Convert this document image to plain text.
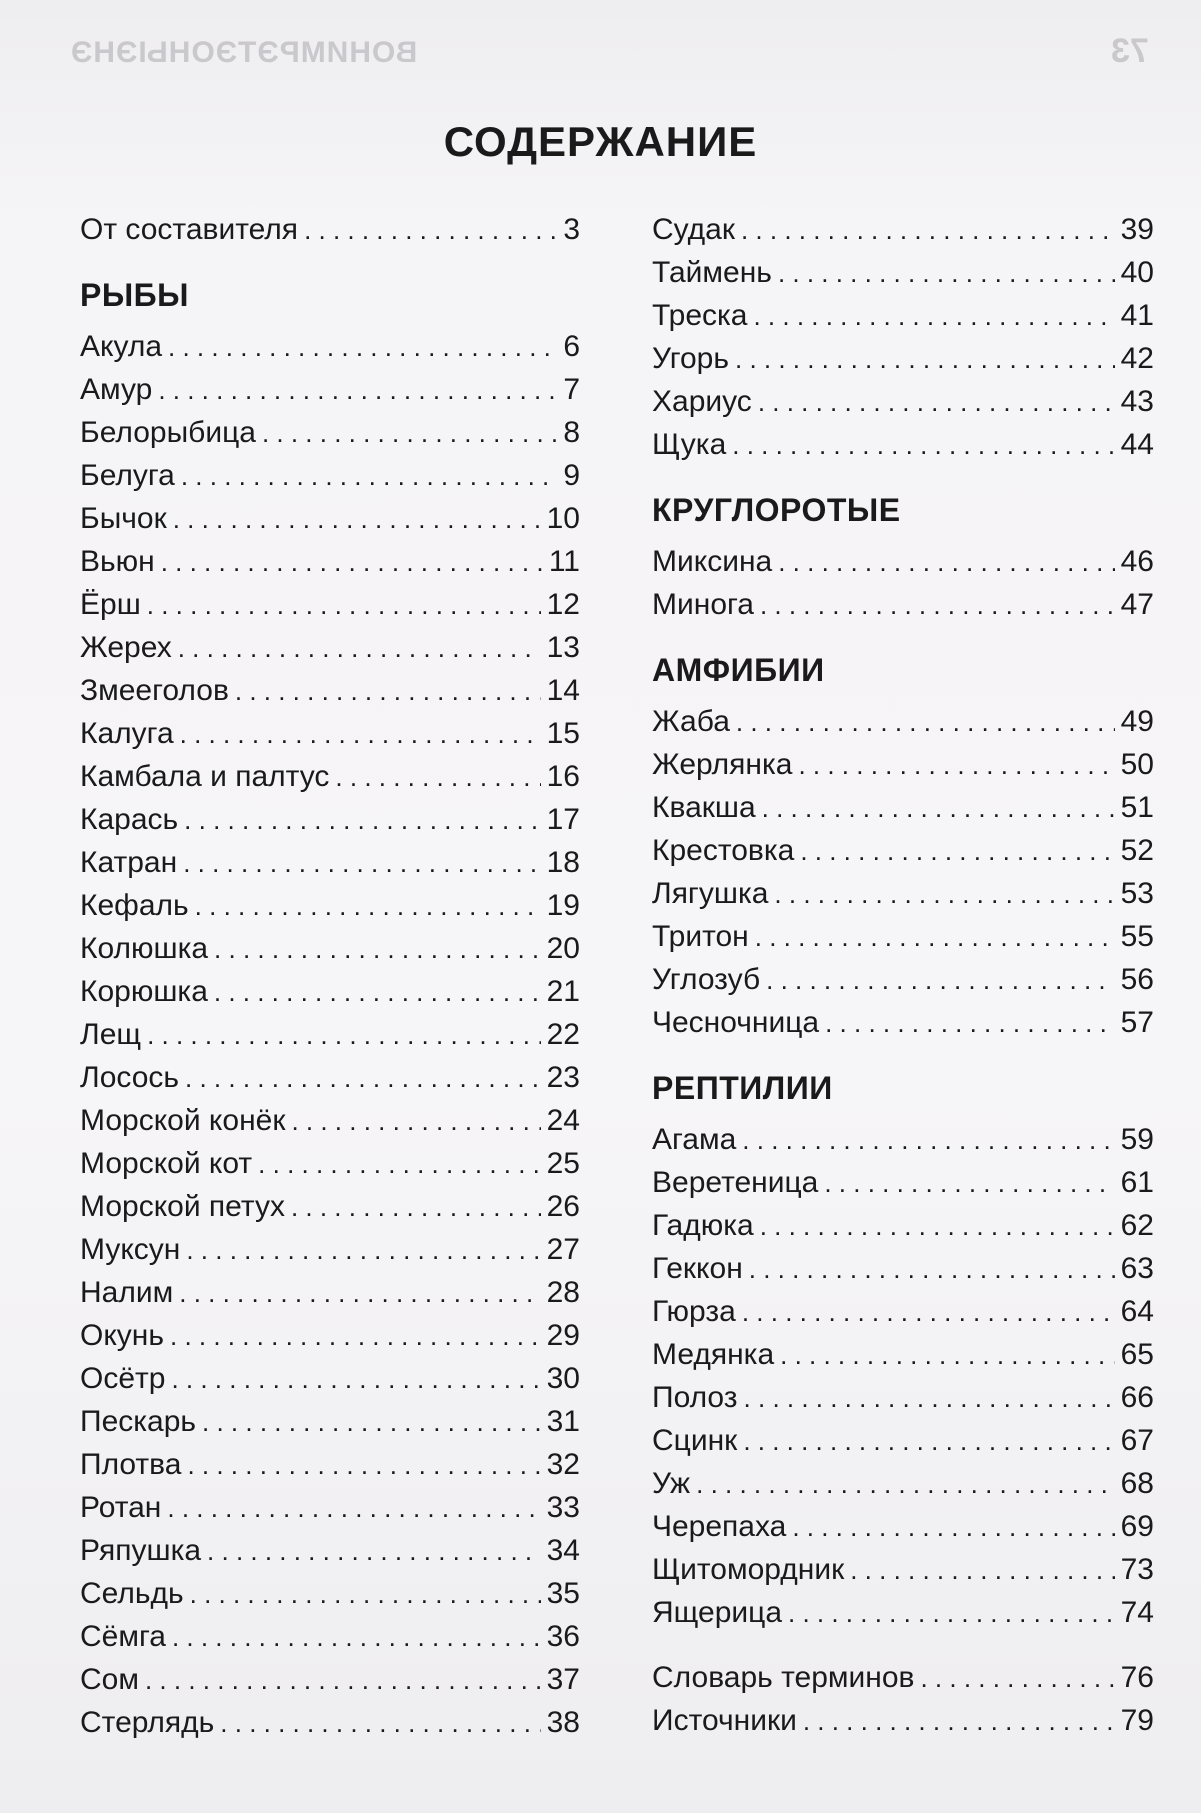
ВОНИМРЭТЭОНЫЭНЭ	73
СОДЕРЖАНИЕ
От составителя . . .	3
РЫБЫ
Акула . . .	6
Амур . . .	7
Белорыбица . . .	8
Белуга . . .	9
Бычок . . .	10
Вьюн . . .	11
Ёрш . . .	12
Жерех . . .	13
Змееголов . . .	14
Калуга . . .	15
Камбала и палтус . . .	16
Карась . . .	17
Катран . . .	18
Кефаль . . .	19
Колюшка . . .	20
Корюшка . . .	21
Лещ . . .	22
Лосось . . .	23
Морской конёк . . .	24
Морской кот . . .	25
Морской петух . . .	26
Муксун . . .	27
Налим . . .	28
Окунь . . .	29
Осётр . . .	30
Пескарь . . .	31
Плотва . . .	32
Ротан . . .	33
Ряпушка . . .	34
Сельдь . . .	35
Сёмга . . .	36
Сом . . .	37
Стерлядь . . .	38
Судак . . .	39
Таймень . . .	40
Треска . . .	41
Угорь . . .	42
Хариус . . .	43
Щука . . .	44
КРУГЛОРОТЫЕ
Миксина . . .	46
Минога . . .	47
АМФИБИИ
Жаба . . .	49
Жерлянка . . .	50
Квакша . . .	51
Крестовка . . .	52
Лягушка . . .	53
Тритон . . .	55
Углозуб . . .	56
Чесночница . . .	57
РЕПТИЛИИ
Агама . . .	59
Веретеница . . .	61
Гадюка . . .	62
Геккон . . .	63
Гюрза . . .	64
Медянка . . .	65
Полоз . . .	66
Сцинк . . .	67
Уж . . .	68
Черепаха . . .	69
Щитомордник . . .	73
Ящерица . . .	74
Словарь терминов . . .	76
Источники . . .	79
